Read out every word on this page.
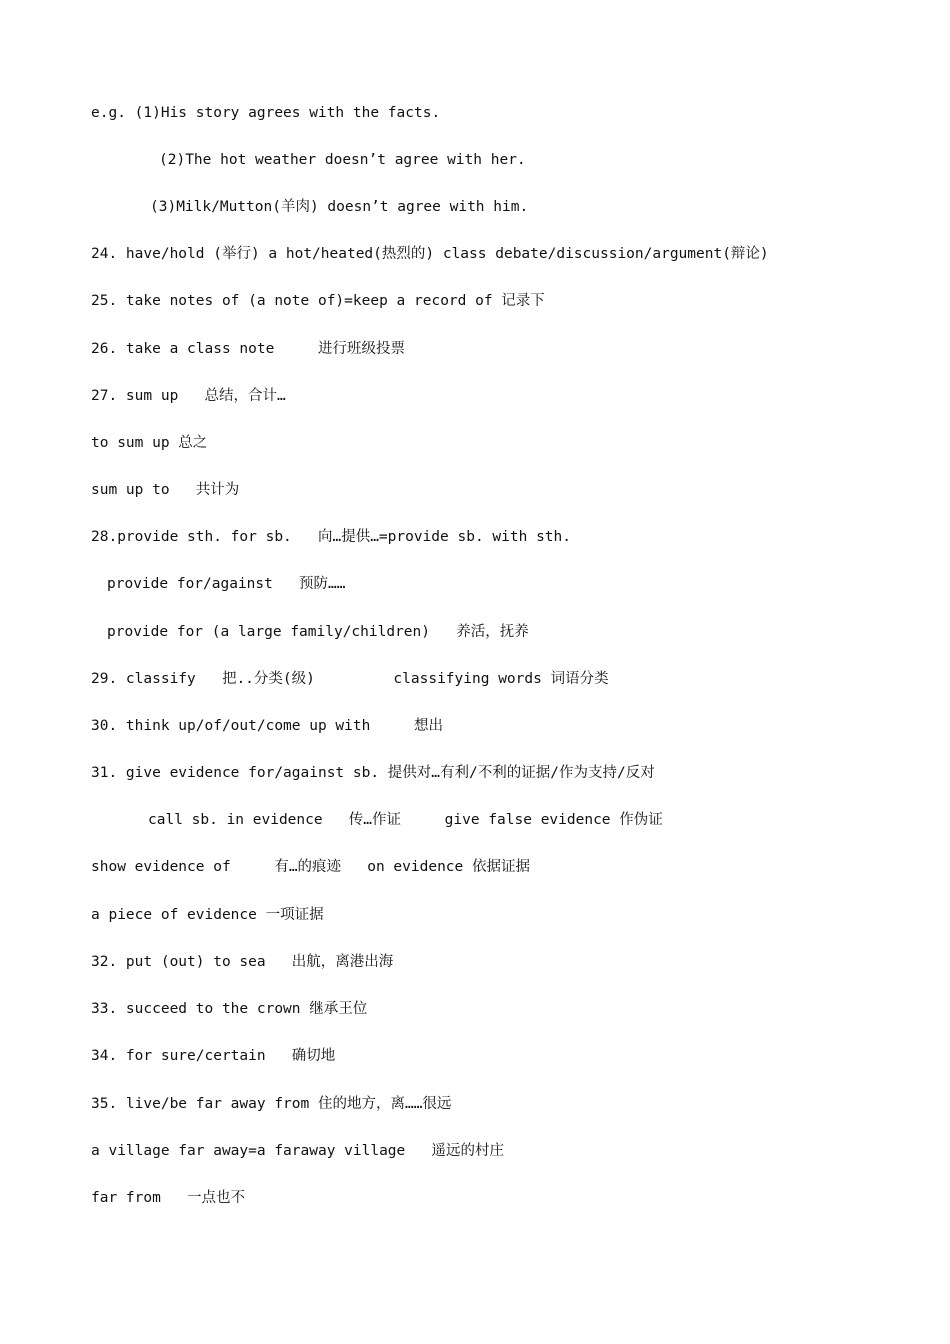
e.g. (1)His story agrees with the facts.
(2)The hot weather doesn’t agree with her.
(3)Milk/Mutton(羊肉) doesn’t agree with him.
24. have/hold (举行) a hot/heated(热烈的) class debate/discussion/argument(辩论)
25. take notes of (a note of)=keep a record of 记录下
26. take a class note     进行班级投票
27. sum up   总结，合计…
to sum up 总之
sum up to   共计为
28.provide sth. for sb.   向…提供…=provide sb. with sth.
provide for/against   预防……
provide for (a large family/children)   养活，抚养
29. classify   把..分类(级)         classifying words 词语分类
30. think up/of/out/come up with     想出
31. give evidence for/against sb. 提供对…有利/不利的证据/作为支持/反对
call sb. in evidence   传…作证     give false evidence 作伪证
show evidence of     有…的痕迹   on evidence 依据证据
a piece of evidence 一项证据
32. put (out) to sea   出航，离港出海
33. succeed to the crown 继承王位
34. for sure/certain   确切地
35. live/be far away from 住的地方，离……很远
a village far away=a faraway village   遥远的村庄
far from   一点也不
